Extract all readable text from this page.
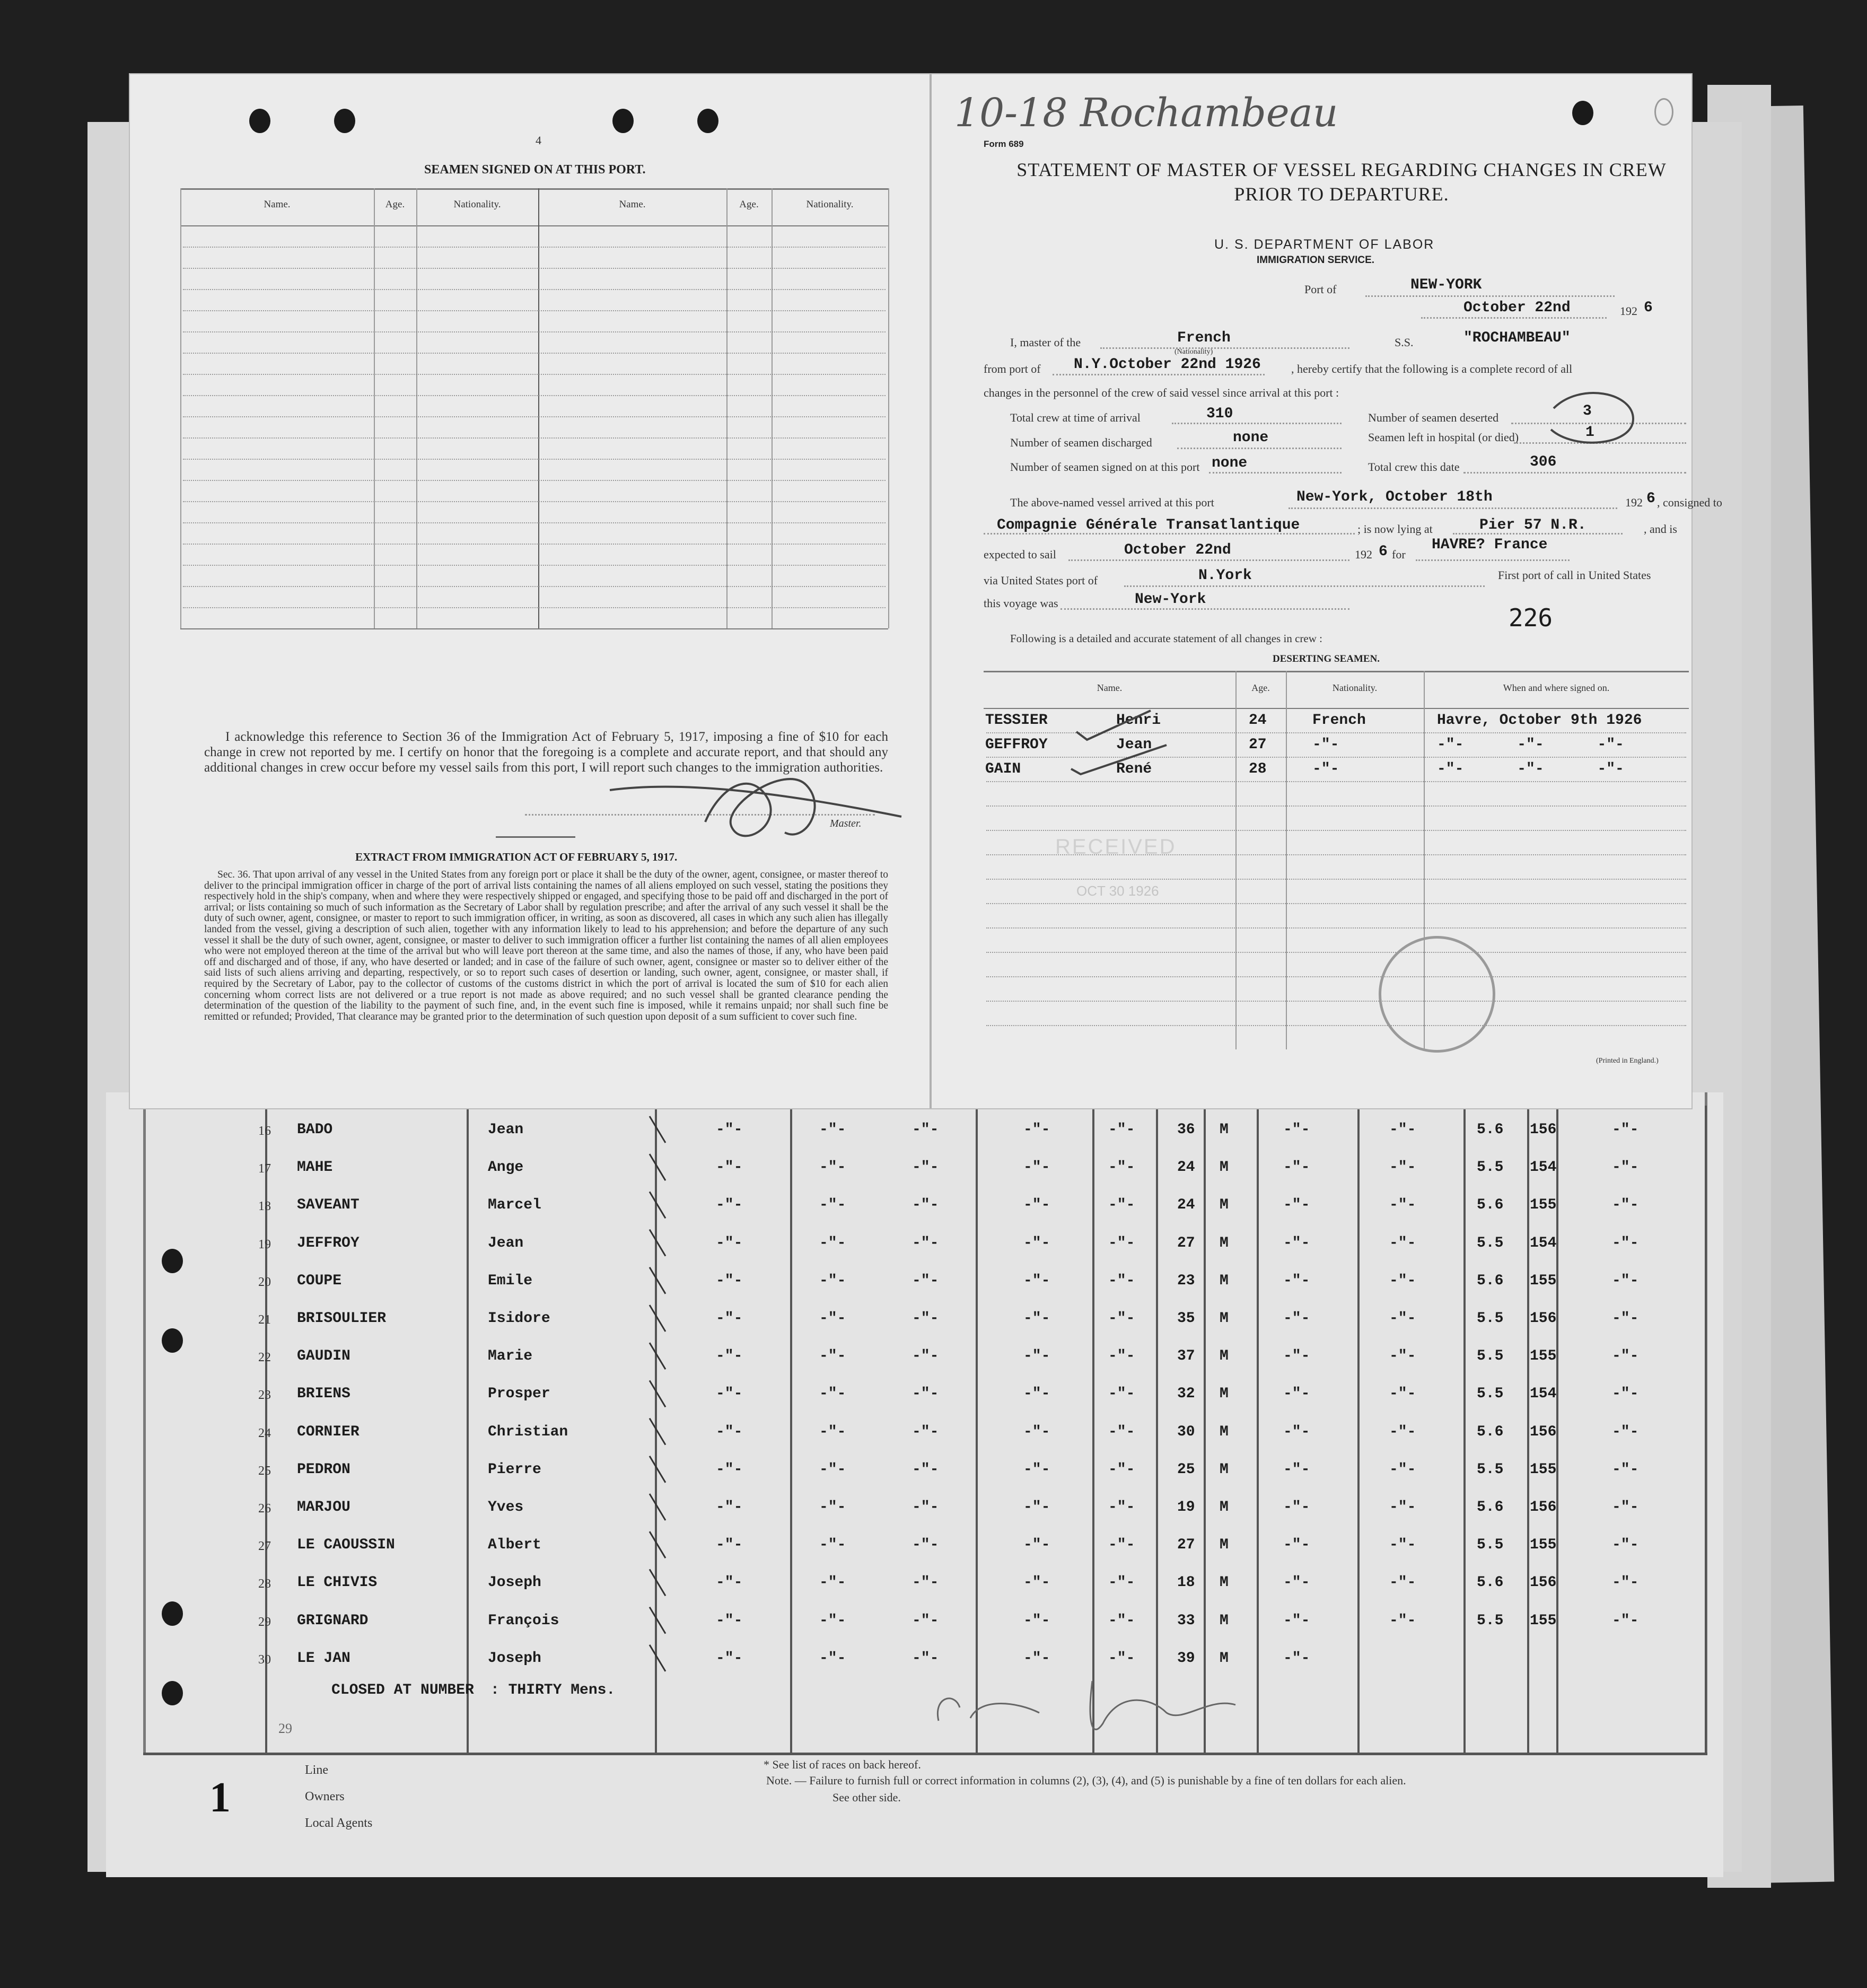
16 BADO	Jean	-"-	-"-	-"-	-"-	-"-	36 M	-"-	-"-	5.6 156	-"-
17 MAHE	Ange	-"-	-"-	-"-	-"-	-"-	24 M	-"-	-"-	5.5 154	-"-
18 SAVEANT	Marcel	-"-	-"-	-"-	-"-	-"-	24 M	-"-	-"-	5.6 155	-"-
19 JEFFROY	Jean	-"-	-"-	-"-	-"-	-"-	27 M	-"-	-"-	5.5 154	-"-
20 COUPE	Emile	-"-	-"-	-"-	-"-	-"-	23 M	-"-	-"-	5.6 155	-"-
21 BRISOULIER	Isidore	-"-	-"-	-"-	-"-	-"-	35 M	-"-	-"-	5.5 156	-"-
22 GAUDIN	Marie	-"-	-"-	-"-	-"-	-"-	37 M	-"-	-"-	5.5 155	-"-
23 BRIENS	Prosper	-"-	-"-	-"-	-"-	-"-	32 M	-"-	-"-	5.5 154	-"-
24 CORNIER	Christian	-"-	-"-	-"-	-"-	-"-	30 M	-"-	-"-	5.6 156	-"-
25 PEDRON	Pierre	-"-	-"-	-"-	-"-	-"-	25 M	-"-	-"-	5.5 155	-"-
26 MARJOU	Yves	-"-	-"-	-"-	-"-	-"-	19 M	-"-	-"-	5.6 156	-"-
27 LE CAOUSSIN	Albert	-"-	-"-	-"-	-"-	-"-	27 M	-"-	-"-	5.5 155	-"-
28 LE CHIVIS	Joseph	-"-	-"-	-"-	-"-	-"-	18 M	-"-	-"-	5.6 156	-"-
29 GRIGNARD	François	-"-	-"-	-"-	-"-	-"-	33 M	-"-	-"-	5.5 155	-"-
30 LE JAN	Joseph	-"-	-"-	-"-	-"-	-"-	39 M	-"-
CLOSED AT NUMBER : THIRTY Mens.
29
1
Line
Owners
Local Agents
* See list of races on back hereof.
Note. — Failure to furnish full or correct information in columns (2), (3), (4), and (5) is punishable by a fine of ten dollars for each alien.
See other side.
4
SEAMEN SIGNED ON AT THIS PORT.
Name.	Age.	Nationality.	Name.	Age.	Nationality.
I acknowledge this reference to Section 36 of the Immigration Act of February 5, 1917, imposing a fine of $10 for each change in crew not reported by me. I certify on honor that the foregoing is a complete and accurate report, and that should any additional changes in crew occur before my vessel sails from this port, I will report such changes to the immigration authorities.
Master.
EXTRACT FROM IMMIGRATION ACT OF FEBRUARY 5, 1917.
Sec. 36. That upon arrival of any vessel in the United States from any foreign port or place it shall be the duty of the owner, agent, consignee, or master thereof to deliver to the principal immigration officer in charge of the port of arrival lists containing the names of all aliens employed on such vessel, stating the positions they respectively hold in the ship's company, when and where they were respectively shipped or engaged, and specifying those to be paid off and discharged in the port of arrival; or lists containing so much of such information as the Secretary of Labor shall by regulation prescribe; and after the arrival of any such vessel it shall be the duty of such owner, agent, consignee, or master to report to such immigration officer, in writing, as soon as discovered, all cases in which any such alien has illegally landed from the vessel, giving a description of such alien, together with any information likely to lead to his apprehension; and before the departure of any such vessel it shall be the duty of such owner, agent, consignee, or master to deliver to such immigration officer a further list containing the names of all alien employees who were not employed thereon at the time of the arrival but who will leave port thereon at the same time, and also the names of those, if any, who have been paid off and discharged and of those, if any, who have deserted or landed; and in case of the failure of such owner, agent, consignee or master so to deliver either of the said lists of such aliens arriving and departing, respectively, or so to report such cases of desertion or landing, such owner, agent, consignee, or master shall, if required by the Secretary of Labor, pay to the collector of customs of the customs district in which the port of arrival is located the sum of $10 for each alien concerning whom correct lists are not delivered or a true report is not made as above required; and no such vessel shall be granted clearance pending the determination of the question of the liability to the payment of such fine, and, in the event such fine is imposed, while it remains unpaid; nor shall such fine be remitted or refunded; Provided, That clearance may be granted prior to the determination of such question upon deposit of a sum sufficient to cover such fine.
10-18 Rochambeau
Form 689
STATEMENT OF MASTER OF VESSEL REGARDING CHANGES IN CREW PRIOR TO DEPARTURE.
U. S. DEPARTMENT OF LABOR
IMMIGRATION SERVICE.
Port of	NEW-YORK
October 22nd	192 6
I, master of the	French
(Nationality)
S.S.	"ROCHAMBEAU"
from port of N.Y.October 22nd 1926	, hereby certify that the following is a complete record of all
changes in the personnel of the crew of said vessel since arrival at this port :
Total crew at time of arrival	310	Number of seamen deserted	3
Number of seamen discharged	none	Seamen left in hospital (or died)	1
Number of seamen signed on at this port none	Total crew this date	306
The above-named vessel arrived at this port	New-York, October 18th	192 6 , consigned to
Compagnie Générale Transatlantique	; is now lying at	Pier 57 N.R.	, and is
expected to sail	October 22nd	192 6 for
HAVRE? France
via United States port of	N.York	First port of call in United States
this voyage was	New-York
226
Following is a detailed and accurate statement of all changes in crew :
DESERTING SEAMEN.
Name.	Age.	Nationality.	When and where signed on.
TESSIER	Henri	24	French	Havre, October 9th 1926
GEFFROY	Jean	27	-"-	-"-      -"-      -"-
GAIN	René	28	-"-	-"-      -"-      -"-
RECEIVED
OCT 30 1926
(Printed in England.)
